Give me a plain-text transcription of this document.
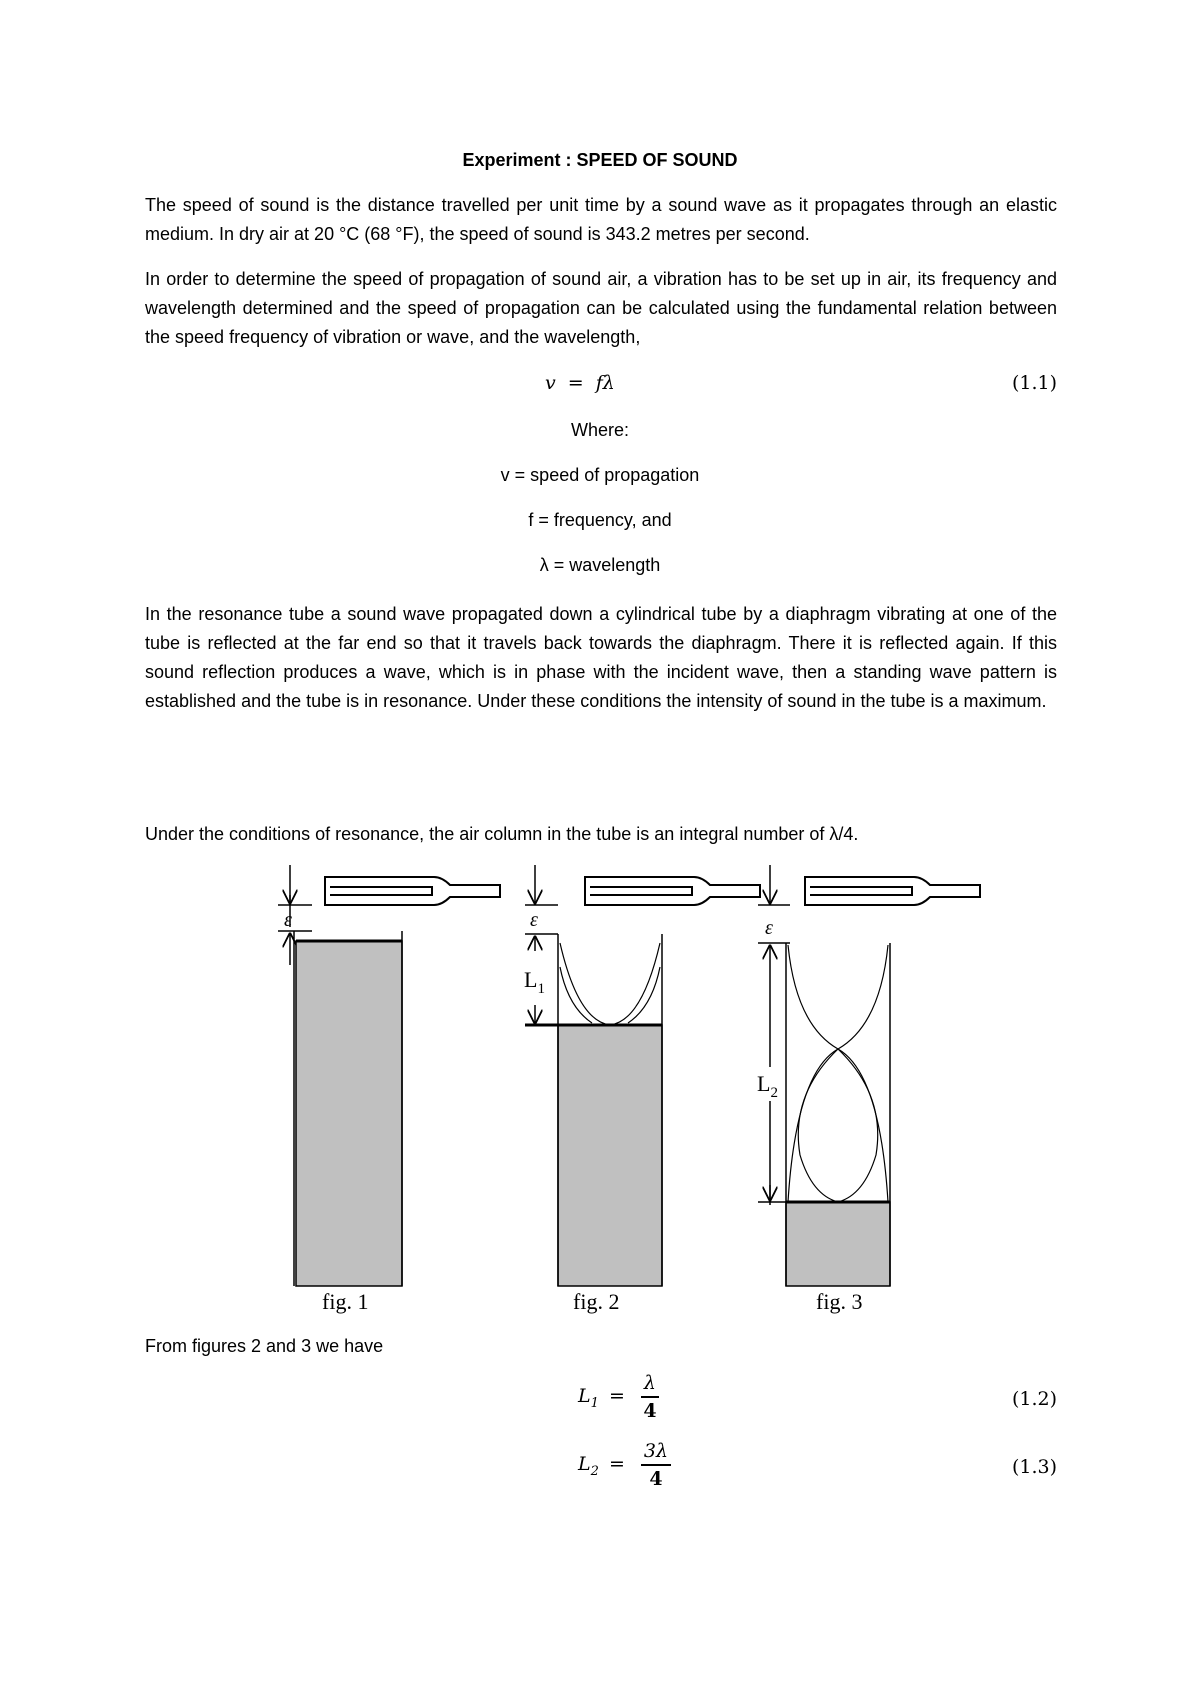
Experiment : SPEED OF SOUND

The speed of sound is the distance travelled per unit time by a sound wave as it propagates through an elastic medium. In dry air at 20 °C (68 °F), the speed of sound is 343.2 metres per second.

In order to determine the speed of propagation of sound air, a vibration has to be set up in air, its frequency and wavelength determined and the speed of propagation can be calculated using the fundamental relation between the speed frequency of vibration or wave, and the wavelength,

v = fλ	(1.1)
Where:
v = speed of propagation
f = frequency, and
λ = wavelength

In the resonance tube a sound wave propagated down a cylindrical tube by a diaphragm vibrating at one of the tube is reflected at the far end so that it travels back towards the diaphragm. There it is reflected again. If this sound reflection produces a wave, which is in phase with the incident wave, then a standing wave pattern is established and the tube is in resonance. Under these conditions the intensity of sound in the tube is a maximum.

Under the conditions of resonance, the air column in the tube is an integral number of λ/4.

ε
fig. 1
ε
$L_1$
fig. 2
ε
$L_2$
fig. 3

From figures 2 and 3 we have

$L_1 = \frac{\lambda}{4}$	(1.2)
$L_2 = \frac{3\lambda}{4}$	(1.3)
